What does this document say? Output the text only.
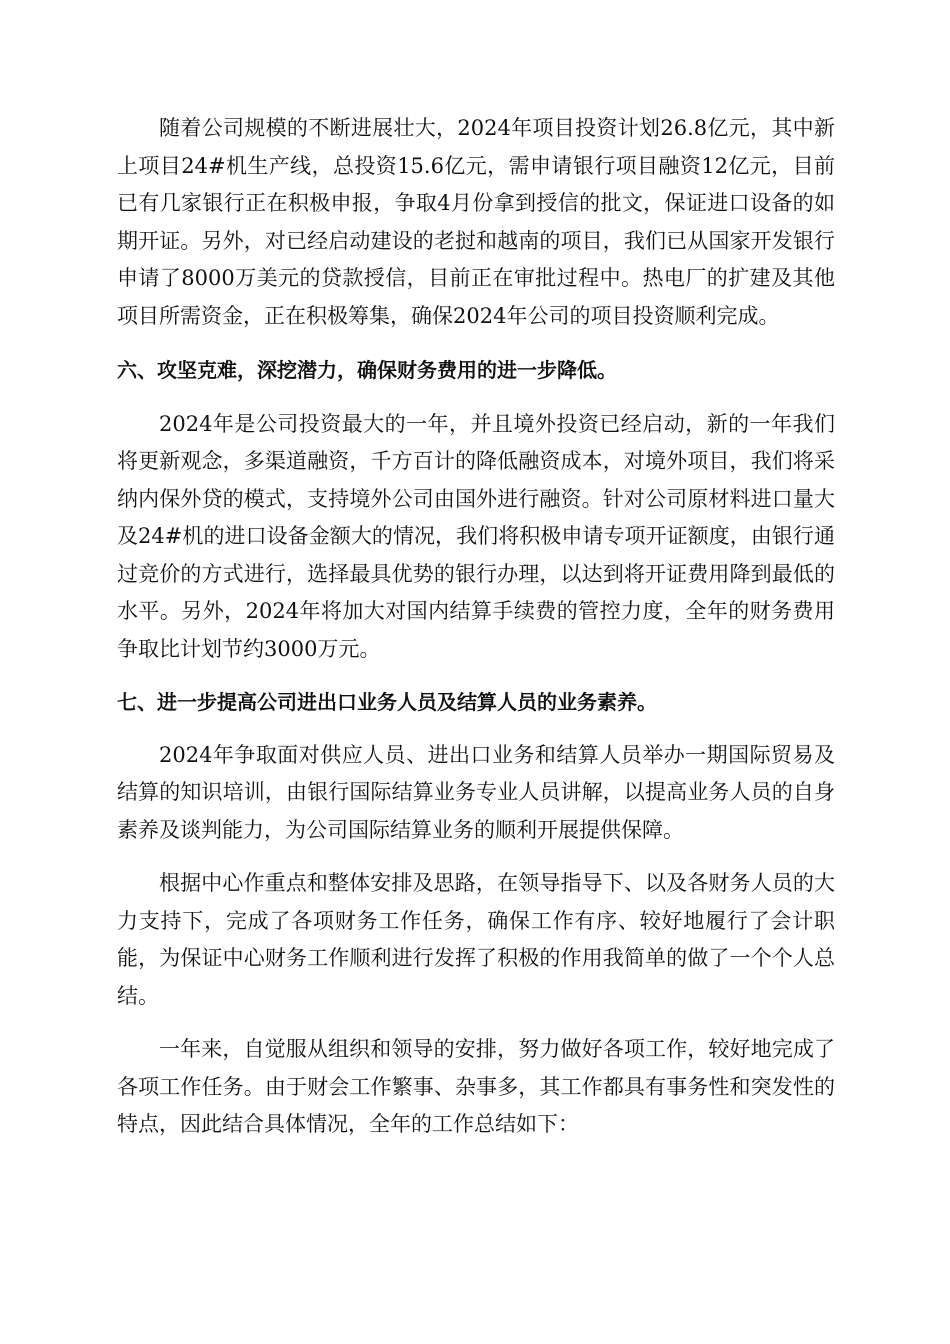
随着公司规模的不断进展壮大，2024年项目投资计划26.8亿元，其中新上项目24#机生产线，总投资15.6亿元，需申请银行项目融资12亿元，目前已有几家银行正在积极申报，争取4月份拿到授信的批文，保证进口设备的如期开证。另外，对已经启动建设的老挝和越南的项目，我们已从国家开发银行申请了8000万美元的贷款授信，目前正在审批过程中。热电厂的扩建及其他项目所需资金，正在积极筹集，确保2024年公司的项目投资顺利完成。

六、攻坚克难，深挖潜力，确保财务费用的进一步降低。

2024年是公司投资最大的一年，并且境外投资已经启动，新的一年我们将更新观念，多渠道融资，千方百计的降低融资成本，对境外项目，我们将采纳内保外贷的模式，支持境外公司由国外进行融资。针对公司原材料进口量大及24#机的进口设备金额大的情况，我们将积极申请专项开证额度，由银行通过竞价的方式进行，选择最具优势的银行办理，以达到将开证费用降到最低的水平。另外，2024年将加大对国内结算手续费的管控力度，全年的财务费用争取比计划节约3000万元。

七、进一步提高公司进出口业务人员及结算人员的业务素养。

2024年争取面对供应人员、进出口业务和结算人员举办一期国际贸易及结算的知识培训，由银行国际结算业务专业人员讲解，以提高业务人员的自身素养及谈判能力，为公司国际结算业务的顺利开展提供保障。

根据中心作重点和整体安排及思路，在领导指导下、以及各财务人员的大力支持下，完成了各项财务工作任务，确保工作有序、较好地履行了会计职能，为保证中心财务工作顺利进行发挥了积极的作用我简单的做了一个个人总结。

一年来，自觉服从组织和领导的安排，努力做好各项工作，较好地完成了各项工作任务。由于财会工作繁事、杂事多，其工作都具有事务性和突发性的特点，因此结合具体情况，全年的工作总结如下：
